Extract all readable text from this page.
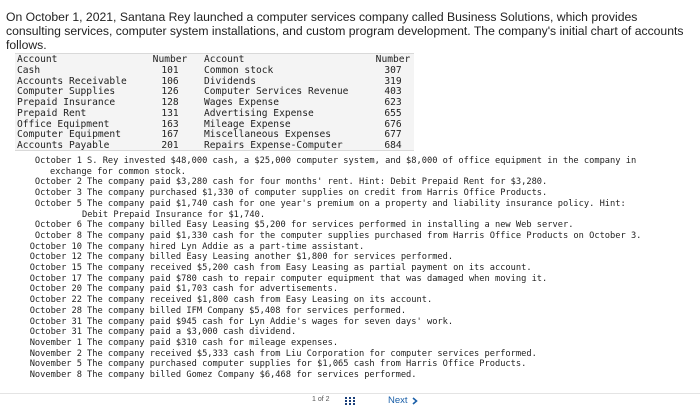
On October 1, 2021, Santana Rey launched a computer services company called Business Solutions, which provides consulting services, computer system installations, and custom program development. The company's initial chart of accounts follows.
Account
Cash
Accounts Receivable
Computer Supplies
Prepaid Insurance
Prepaid Rent
Office Equipment
Computer Equipment
Accounts Payable
Number
101
106
126
128
131
163
167
201
Account
Common stock
Dividends
Computer Services Revenue
Wages Expense
Advertising Expense
Mileage Expense
Miscellaneous Expenses
Repairs Expense-Computer
Number
307
319
403
623
655
676
677
684
October 1 S. Rey invested $48,000 cash, a $25,000 computer system, and $8,000 of office equipment in the company in
exchange for common stock.
October 2 The company paid $3,280 cash for four months' rent. Hint: Debit Prepaid Rent for $3,280.
October 3 The company purchased $1,330 of computer supplies on credit from Harris Office Products.
October 5 The company paid $1,740 cash for one year's premium on a property and liability insurance policy. Hint:
Debit Prepaid Insurance for $1,740.
October 6 The company billed Easy Leasing $5,200 for services performed in installing a new Web server.
October 8 The company paid $1,330 cash for the computer supplies purchased from Harris Office Products on October 3.
October 10 The company hired Lyn Addie as a part-time assistant.
October 12 The company billed Easy Leasing another $1,800 for services performed.
October 15 The company received $5,200 cash from Easy Leasing as partial payment on its account.
October 17 The company paid $780 cash to repair computer equipment that was damaged when moving it.
October 20 The company paid $1,703 cash for advertisements.
October 22 The company received $1,800 cash from Easy Leasing on its account.
October 28 The company billed IFM Company $5,408 for services performed.
October 31 The company paid $945 cash for Lyn Addie's wages for seven days' work.
October 31 The company paid a $3,000 cash dividend.
November 1 The company paid $310 cash for mileage expenses.
November 2 The company received $5,333 cash from Liu Corporation for computer services performed.
November 5 The company purchased computer supplies for $1,065 cash from Harris Office Products.
November 8 The company billed Gomez Company $6,468 for services performed.
1 of 2	Next
